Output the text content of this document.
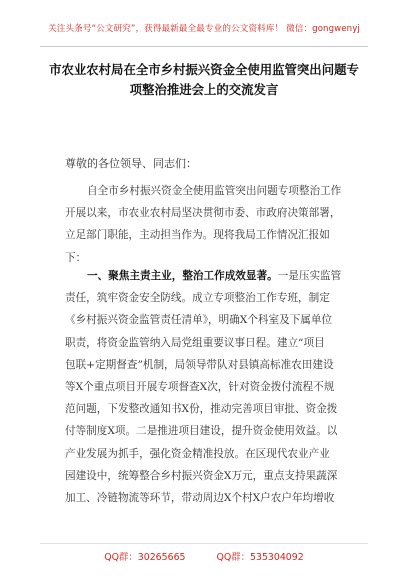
关注头条号“公文研究”，获得最新最全最专业的公文资料库！ 微信：gongwenyj
市农业农村局在全市乡村振兴资金全使用监管突出问题专
项整治推进会上的交流发言
尊敬的各位领导、同志们：
自全市乡村振兴资金全使用监管突出问题专项整治工作
开展以来，市农业农村局坚决贯彻市委、市政府决策部署，
立足部门职能，主动担当作为。现将我局工作情况汇报如
下：
一、聚焦主责主业，整治工作成效显著。一是压实监管
责任，筑牢资金安全防线。成立专项整治工作专班，制定
《乡村振兴资金监管责任清单》，明确X个科室及下属单位
职责，将资金监管纳入局党组重要议事日程。建立“项目
包联+定期督查”机制，局领导带队对县镇高标准农田建设
等X个重点项目开展专项督查X次，针对资金拨付流程不规
范问题，下发整改通知书X份，推动完善项目审批、资金拨
付等制度X项。二是推进项目建设，提升资金使用效益。以
产业发展为抓手，强化资金精准投放。在区现代农业产业
园建设中，统筹整合乡村振兴资金X万元，重点支持果蔬深
加工、冷链物流等环节，带动周边X个村X户农户年均增收
QQ群：30265665	QQ群：535304092
